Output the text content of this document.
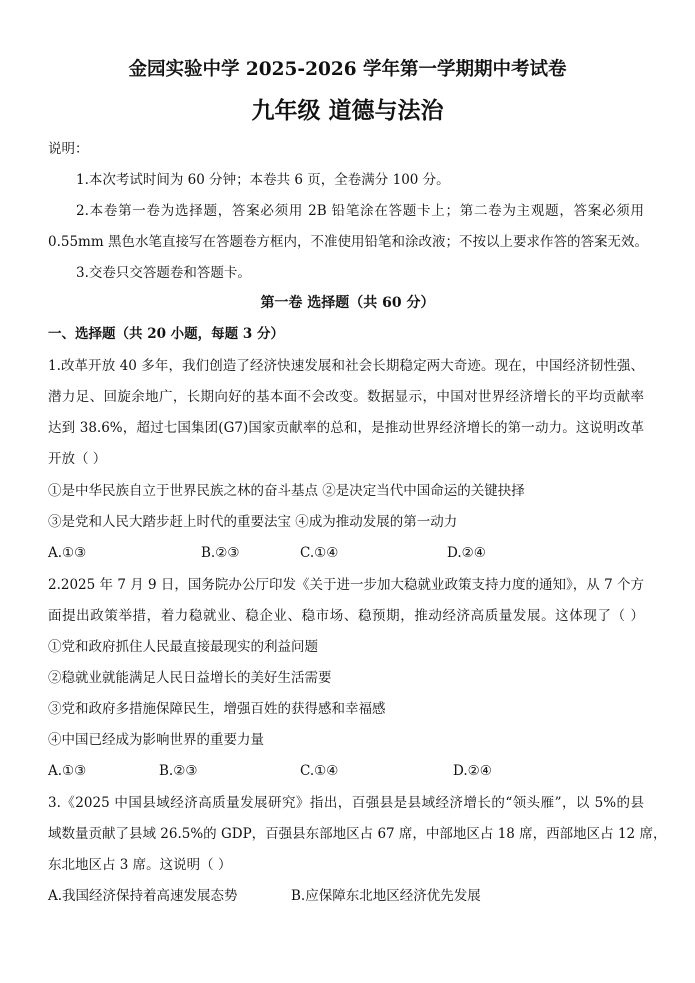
金园实验中学 2025-2026 学年第一学期期中考试卷
九年级 道德与法治
说明：
1.本次考试时间为 60 分钟；本卷共 6 页，全卷满分 100 分。
2.本卷第一卷为选择题，答案必须用 2B 铅笔涂在答题卡上；第二卷为主观题，答案必须用
0.55mm 黑色水笔直接写在答题卷方框内，不准使用铅笔和涂改液；不按以上要求作答的答案无效。
3.交卷只交答题卷和答题卡。
第一卷 选择题（共 60 分）
一、选择题（共 20 小题，每题 3 分）
1.改革开放 40 多年，我们创造了经济快速发展和社会长期稳定两大奇迹。现在，中国经济韧性强、
潜力足、回旋余地广，长期向好的基本面不会改变。数据显示，中国对世界经济增长的平均贡献率
达到 38.6%，超过七国集团(G7)国家贡献率的总和，是推动世界经济增长的第一动力。这说明改革
开放（ ）
①是中华民族自立于世界民族之林的奋斗基点 ②是决定当代中国命运的关键抉择
③是党和人民大踏步赶上时代的重要法宝 ④成为推动发展的第一动力
A.①③	B.②③	C.①④	D.②④
2.2025 年 7 月 9 日，国务院办公厅印发《关于进一步加大稳就业政策支持力度的通知》，从 7 个方
面提出政策举措，着力稳就业、稳企业、稳市场、稳预期，推动经济高质量发展。这体现了（ ）
①党和政府抓住人民最直接最现实的利益问题
②稳就业就能满足人民日益增长的美好生活需要
③党和政府多措施保障民生，增强百姓的获得感和幸福感
④中国已经成为影响世界的重要力量
A.①③	B.②③	C.①④	D.②④
3.《2025 中国县域经济高质量发展研究》指出，百强县是县域经济增长的“领头雁”，以 5%的县
域数量贡献了县域 26.5%的 GDP，百强县东部地区占 67 席，中部地区占 18 席，西部地区占 12 席，
东北地区占 3 席。这说明（ ）
A.我国经济保持着高速发展态势	B.应保障东北地区经济优先发展
